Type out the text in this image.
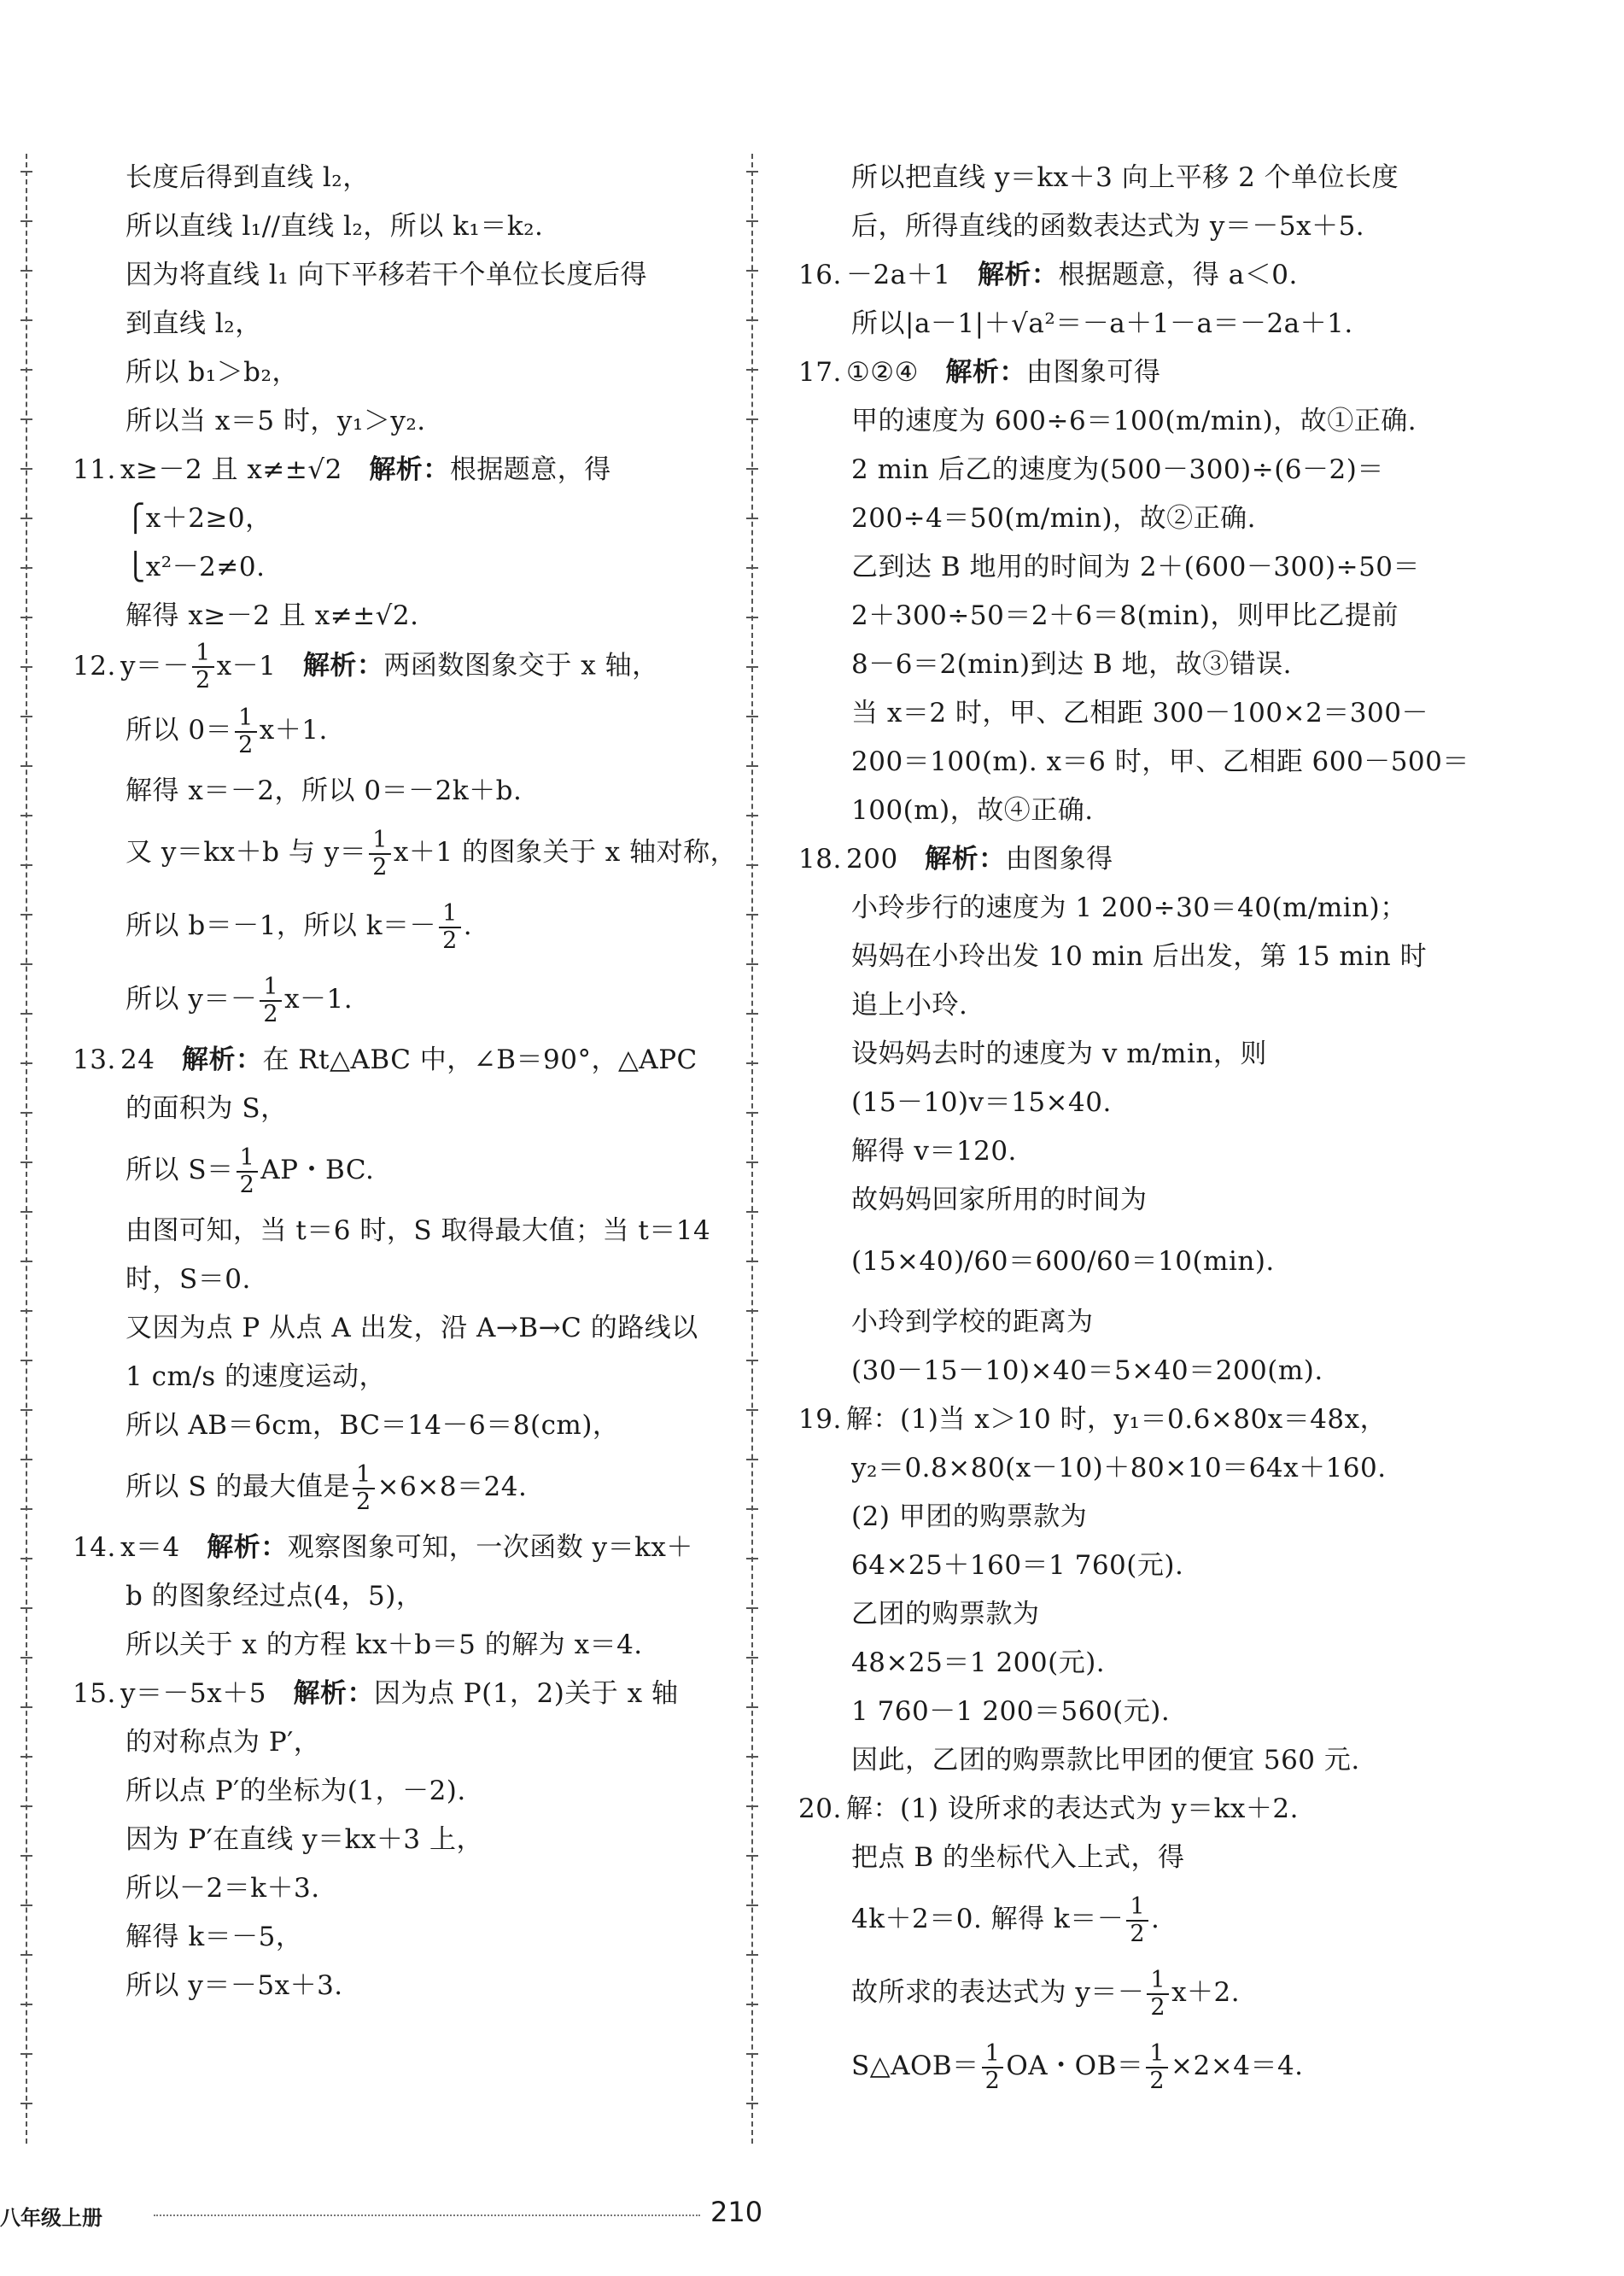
长度后得到直线 l₂，
所以直线 l₁//直线 l₂，所以 k₁＝k₂.
因为将直线 l₁ 向下平移若干个单位长度后得
到直线 l₂，
所以 b₁＞b₂，
所以当 x＝5 时，y₁＞y₂.
11. x≥－2 且 x≠±√2  解析：根据题意，得
⎧x＋2≥0，
⎩x²－2≠0.
解得 x≥－2 且 x≠±√2.
12. $y=- \frac{1}{2} x-1$  解析：两函数图象交于 x 轴，
所以 $0= \frac{1}{2} x+1$.
解得 x＝－2，所以 0＝－2k＋b.
又 y＝kx＋b 与 $y= \frac{1}{2} x+1$ 的图象关于 x 轴对称，
所以 b＝－1，所以 $k=- \frac{1}{2}$ .
所以 $y=- \frac{1}{2} x-1$.
13. 24  解析：在 Rt△ABC 中，∠B＝90°，△APC
的面积为 S，
所以 $S= \frac{1}{2}$ AP・BC.
由图可知，当 t＝6 时，S 取得最大值；当 t＝14
时，S＝0.
又因为点 P 从点 A 出发，沿 A→B→C 的路线以
1 cm/s 的速度运动，
所以 AB＝6cm，BC＝14－6＝8(cm)，
所以 S 的最大值是 $\frac{1}{2} \times 6\times 8=24$.
14. x＝4  解析：观察图象可知，一次函数 y＝kx＋
b 的图象经过点(4，5)，
所以关于 x 的方程 kx＋b＝5 的解为 x＝4.
15. y＝－5x＋5  解析：因为点 P(1，2)关于 x 轴
的对称点为 P′，
所以点 P′的坐标为(1，－2).
因为 P′在直线 y＝kx＋3 上，
所以－2＝k＋3.
解得 k＝－5，
所以 y＝－5x＋3.
所以把直线 y＝kx＋3 向上平移 2 个单位长度
后，所得直线的函数表达式为 y＝－5x＋5.
16. －2a＋1  解析：根据题意，得 a＜0.
所以|a－1|＋√a²＝－a＋1－a＝－2a＋1.
17. ①②④  解析：由图象可得
甲的速度为 600÷6＝100(m/min)，故①正确.
2 min 后乙的速度为(500－300)÷(6－2)＝
200÷4＝50(m/min)，故②正确.
乙到达 B 地用的时间为 2＋(600－300)÷50＝
2＋300÷50＝2＋6＝8(min)，则甲比乙提前
8－6＝2(min)到达 B 地，故③错误.
当 x＝2 时，甲、乙相距 300－100×2＝300－
200＝100(m). x＝6 时，甲、乙相距 600－500＝
100(m)，故④正确.
18. 200  解析：由图象得
小玲步行的速度为 1 200÷30＝40(m/min)；
妈妈在小玲出发 10 min 后出发，第 15 min 时
追上小玲.
设妈妈去时的速度为 v m/min，则
(15－10)v＝15×40.
解得 v＝120.
故妈妈回家所用的时间为
(15×40)/60＝600/60＝10(min).
小玲到学校的距离为
(30－15－10)×40＝5×40＝200(m).
19. 解：(1)当 x＞10 时，y₁＝0.6×80x＝48x，
y₂＝0.8×80(x－10)＋80×10＝64x＋160.
(2) 甲团的购票款为
64×25＋160＝1 760(元).
乙团的购票款为
48×25＝1 200(元).
1 760－1 200＝560(元).
因此，乙团的购票款比甲团的便宜 560 元.
20. 解：(1) 设所求的表达式为 y＝kx＋2.
把点 B 的坐标代入上式，得
4k＋2＝0. 解得 $k=- \frac{1}{2}$ .
故所求的表达式为 $y=- \frac{1}{2} x+2$.
S△AOB＝ $\frac{1}{2}$ OA・$OB= \frac{1}{2} \times 2\times 4=4$.
八年级上册	210
